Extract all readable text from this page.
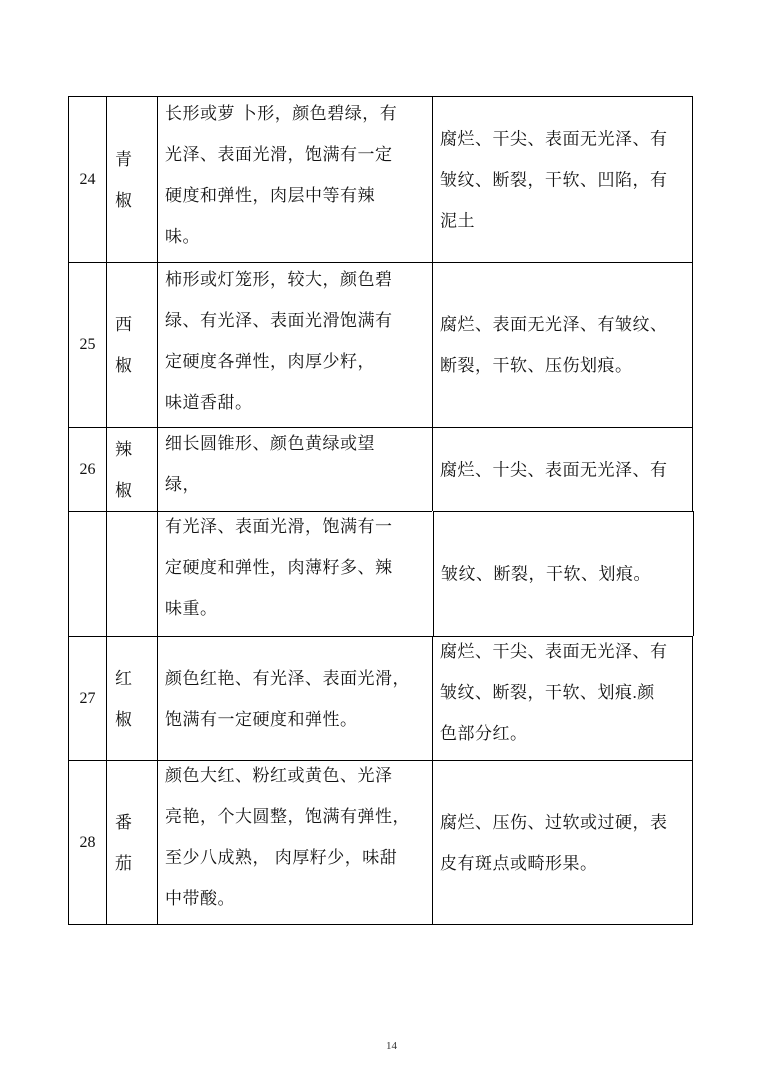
24
青椒
长形或萝 卜形，颜色碧绿，有
光泽、表面光滑，饱满有一定
硬度和弹性，肉层中等有辣
味。
腐烂、干尖、表面无光泽、有
皱纹、断裂，干软、凹陷，有
泥土
25
西椒
柿形或灯笼形，较大，颜色碧
绿、有光泽、表面光滑饱满有
定硬度各弹性，肉厚少籽，
味道香甜。
腐烂、表面无光泽、有皱纹、
断裂，干软、压伤划痕。
26
辣椒
细长圆锥形、颜色黄绿或望
绿，
腐烂、十尖、表面无光泽、有
有光泽、表面光滑，饱满有一
定硬度和弹性，肉薄籽多、辣
味重。
皱纹、断裂，干软、划痕。
27
红椒
颜色红艳、有光泽、表面光滑，
饱满有一定硬度和弹性。
腐烂、干尖、表面无光泽、有
皱纹、断裂，干软、划痕.颜
色部分红。
28
番茄
颜色大红、粉红或黄色、光泽
亮艳，个大圆整，饱满有弹性，
至少八成熟， 肉厚籽少，味甜
中带酸。
腐烂、压伤、过软或过硬，表
皮有斑点或畸形果。
14
